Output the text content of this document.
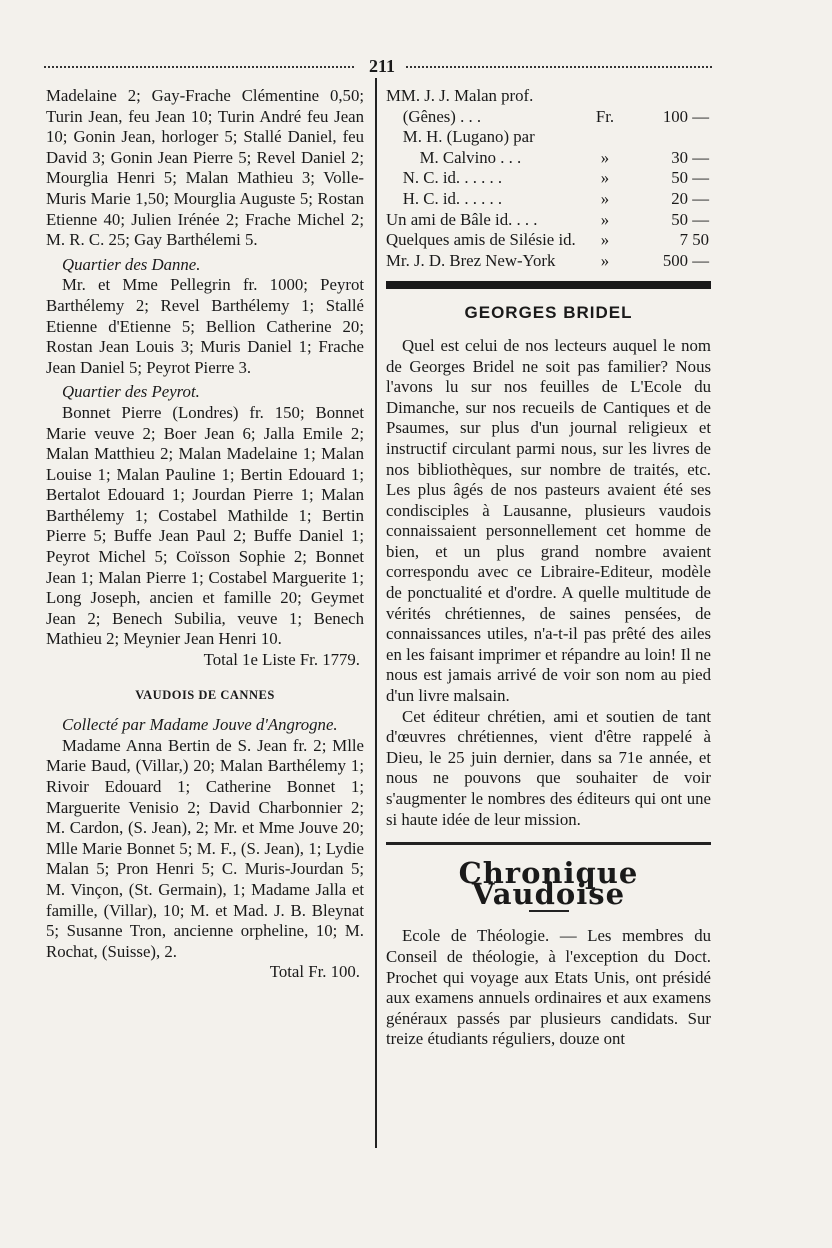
211

Madelaine 2; Gay-Frache Clémentine 0,50; Turin Jean, feu Jean 10; Turin André feu Jean 10; Gonin Jean, horloger 5; Stallé Daniel, feu David 3; Gonin Jean Pierre 5; Revel Daniel 2; Mourglia Henri 5; Malan Mathieu 3; Volle-Muris Marie 1,50; Mourglia Auguste 5; Rostan Etienne 40; Julien Irénée 2; Frache Michel 2; M. R. C. 25; Gay Barthélemi 5.

Quartier des Danne.

Mr. et Mme Pellegrin fr. 1000; Peyrot Barthélemy 2; Revel Barthélemy 1; Stallé Etienne d'Etienne 5; Bellion Catherine 20; Rostan Jean Louis 3; Muris Daniel 1; Frache Jean Daniel 5; Peyrot Pierre 3.

Quartier des Peyrot.

Bonnet Pierre (Londres) fr. 150; Bonnet Marie veuve 2; Boer Jean 6; Jalla Emile 2; Malan Matthieu 2; Malan Madelaine 1; Malan Louise 1; Malan Pauline 1; Bertin Edouard 1; Bertalot Edouard 1; Jourdan Pierre 1; Malan Barthélemy 1; Costabel Mathilde 1; Bertin Pierre 5; Buffe Jean Paul 2; Buffe Daniel 1; Peyrot Michel 5; Coïsson Sophie 2; Bonnet Jean 1; Malan Pierre 1; Costabel Marguerite 1; Long Joseph, ancien et famille 20; Geymet Jean 2; Benech Subilia, veuve 1; Benech Mathieu 2; Meynier Jean Henri 10.

Total 1e Liste Fr. 1779.

VAUDOIS DE CANNES

Collecté par Madame Jouve d'Angrogne.

Madame Anna Bertin de S. Jean fr. 2; Mlle Marie Baud, (Villar,) 20; Malan Barthélemy 1; Rivoir Edouard 1; Catherine Bonnet 1; Marguerite Venisio 2; David Charbonnier 2; M. Cardon, (S. Jean), 2; Mr. et Mme Jouve 20; Mlle Marie Bonnet 5; M. F., (S. Jean), 1; Lydie Malan 5; Pron Henri 5; C. Muris-Jourdan 5; M. Vinçon, (St. Germain), 1; Madame Jalla et famille, (Villar), 10; M. et Mad. J. B. Bleynat 5; Susanne Tron, ancienne orpheline, 10; M. Rochat, (Suisse), 2.

Total Fr. 100.

MM. J. J. Malan prof.		
(Gênes) . . .	Fr.	100 —
M. H. (Lugano) par		
M. Calvino . . .	»	30 —
N. C. id. . . . . .	»	50 —
H. C. id. . . . . .	»	20 —
Un ami de Bâle id. . . .	»	50 —
Quelques amis de Silésie id.	»	7 50
Mr. J. D. Brez New-York	»	500 —
GEORGES BRIDEL

Quel est celui de nos lecteurs auquel le nom de Georges Bridel ne soit pas familier? Nous l'avons lu sur nos feuilles de L'Ecole du Dimanche, sur nos recueils de Cantiques et de Psaumes, sur plus d'un journal religieux et instructif circulant parmi nous, sur les livres de nos bibliothèques, sur nombre de traités, etc. Les plus âgés de nos pasteurs avaient été ses condisciples à Lausanne, plusieurs vaudois connaissaient personnellement cet homme de bien, et un plus grand nombre avaient correspondu avec ce Libraire-Editeur, modèle de ponctualité et d'ordre. A quelle multitude de vérités chrétiennes, de saines pensées, de connaissances utiles, n'a-t-il pas prêté des ailes en les faisant imprimer et répandre au loin! Il ne nous est jamais arrivé de voir son nom au pied d'un livre malsain.

Cet éditeur chrétien, ami et soutien de tant d'œuvres chrétiennes, vient d'être rappelé à Dieu, le 25 juin dernier, dans sa 71e année, et nous ne pouvons que souhaiter de voir s'augmenter le nombres des éditeurs qui ont une si haute idée de leur mission.

Chronique Vaudoise

Ecole de Théologie. — Les membres du Conseil de théologie, à l'exception du Doct. Prochet qui voyage aux Etats Unis, ont présidé aux examens annuels ordinaires et aux examens généraux passés par plusieurs candidats. Sur treize étudiants réguliers, douze ont
